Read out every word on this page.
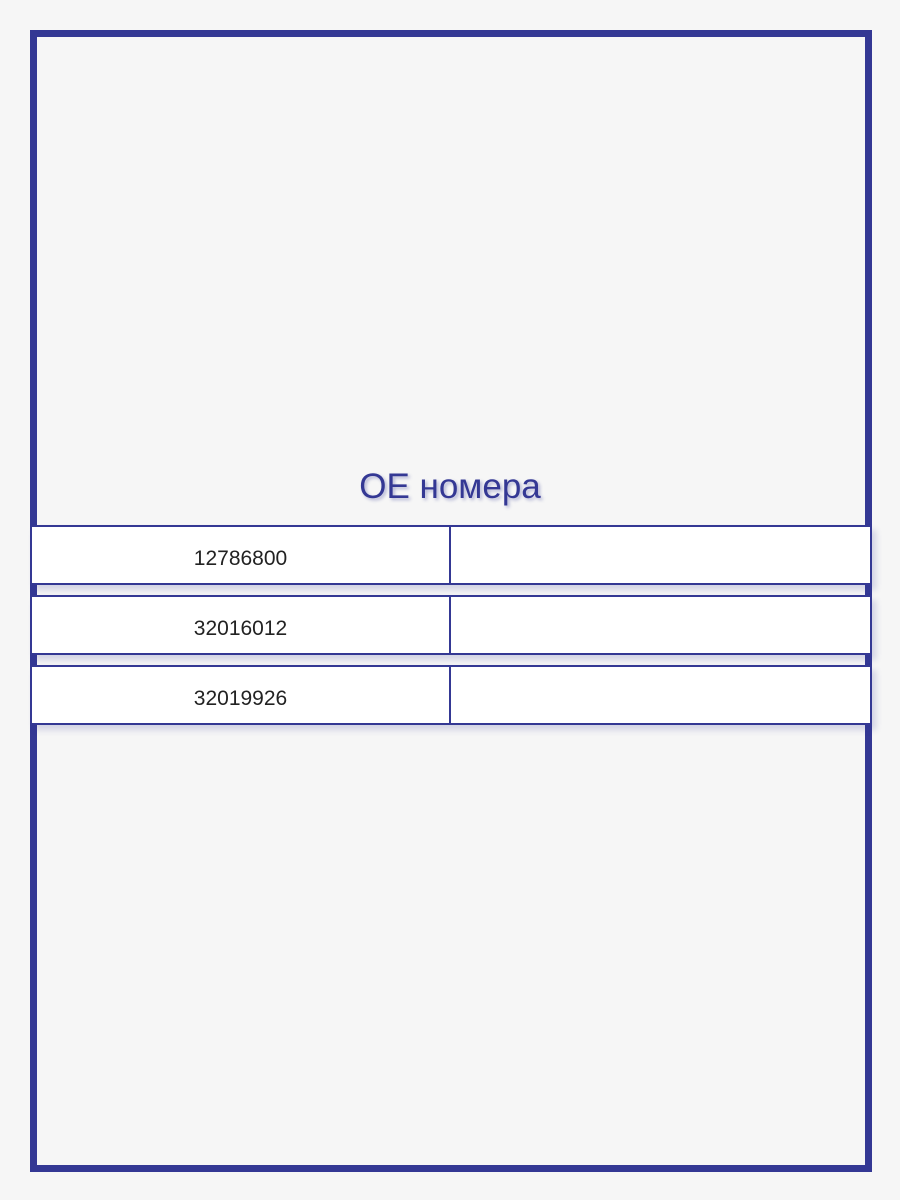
OE номера
12786800
32016012
32019926
